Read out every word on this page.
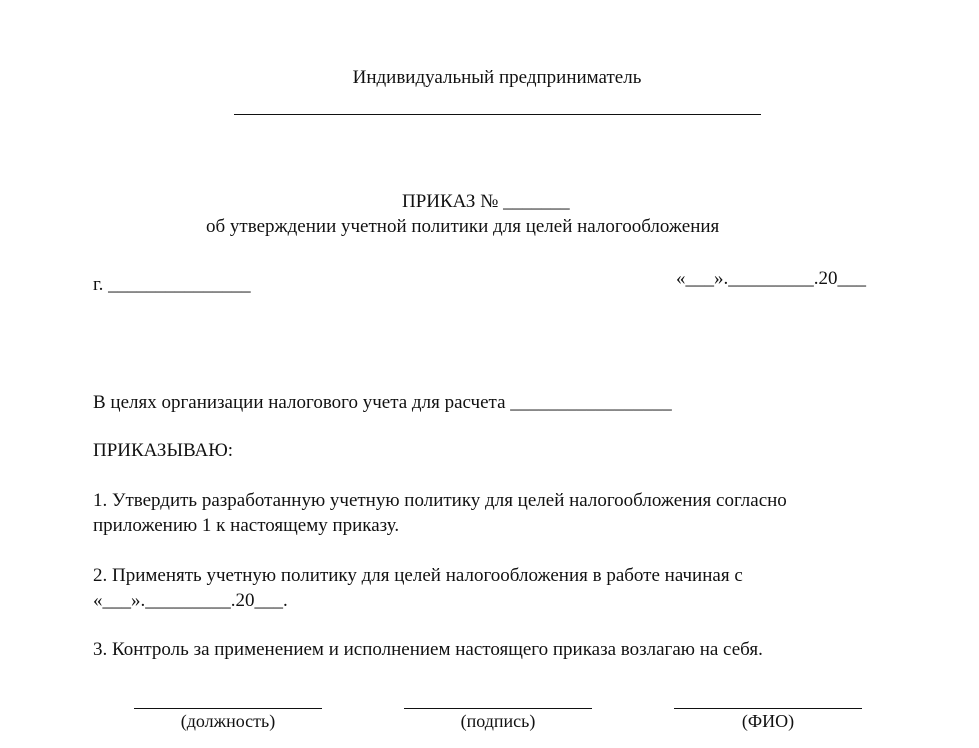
Индивидуальный предприниматель
ПРИКАЗ № _______
об утверждении учетной политики для целей налогообложения
г. _______________	«___»._________.20___
В целях организации налогового учета для расчета _________________
ПРИКАЗЫВАЮ:
1. Утвердить разработанную учетную политику для целей налогообложения согласно
приложению 1 к настоящему приказу.
2. Применять учетную политику для целей налогообложения в работе начиная с
«___»._________.20___.
3. Контроль за применением и исполнением настоящего приказа возлагаю на себя.
(должность)	(подпись)	(ФИО)
